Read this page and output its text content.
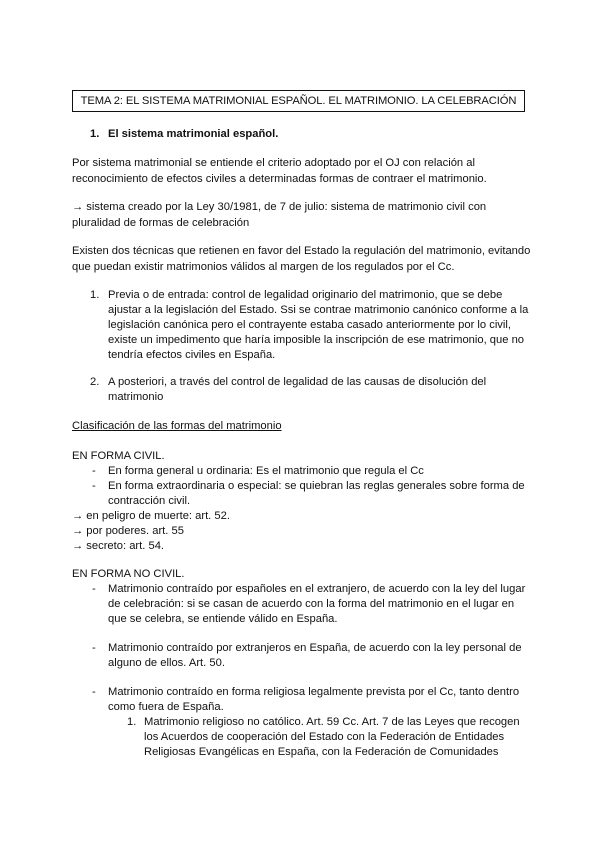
TEMA 2: EL SISTEMA MATRIMONIAL ESPAÑOL. EL MATRIMONIO. LA CELEBRACIÓN
1. El sistema matrimonial español.
Por sistema matrimonial se entiende el criterio adoptado por el OJ con relación al
reconocimiento de efectos civiles a determinadas formas de contraer el matrimonio.
→ sistema creado por la Ley 30/1981, de 7 de julio: sistema de matrimonio civil con
pluralidad de formas de celebración
Existen dos técnicas que retienen en favor del Estado la regulación del matrimonio, evitando
que puedan existir matrimonios válidos al margen de los regulados por el Cc.
1. Previa o de entrada: control de legalidad originario del matrimonio, que se debe
ajustar a la legislación del Estado. Ssi se contrae matrimonio canónico conforme a la
legislación canónica pero el contrayente estaba casado anteriormente por lo civil,
existe un impedimento que haría imposible la inscripción de ese matrimonio, que no
tendría efectos civiles en España.
2. A posteriori, a través del control de legalidad de las causas de disolución del
matrimonio
Clasificación de las formas del matrimonio
EN FORMA CIVIL.
- En forma general u ordinaria: Es el matrimonio que regula el Cc
- En forma extraordinaria o especial: se quiebran las reglas generales sobre forma de
contracción civil.
→ en peligro de muerte: art. 52.
→ por poderes. art. 55
→ secreto: art. 54.
EN FORMA NO CIVIL.
- Matrimonio contraído por españoles en el extranjero, de acuerdo con la ley del lugar
de celebración: si se casan de acuerdo con la forma del matrimonio en el lugar en
que se celebra, se entiende válido en España.
- Matrimonio contraído por extranjeros en España, de acuerdo con la ley personal de
alguno de ellos. Art. 50.
- Matrimonio contraído en forma religiosa legalmente prevista por el Cc, tanto dentro
como fuera de España.
1. Matrimonio religioso no católico. Art. 59 Cc. Art. 7 de las Leyes que recogen
los Acuerdos de cooperación del Estado con la Federación de Entidades
Religiosas Evangélicas en España, con la Federación de Comunidades
